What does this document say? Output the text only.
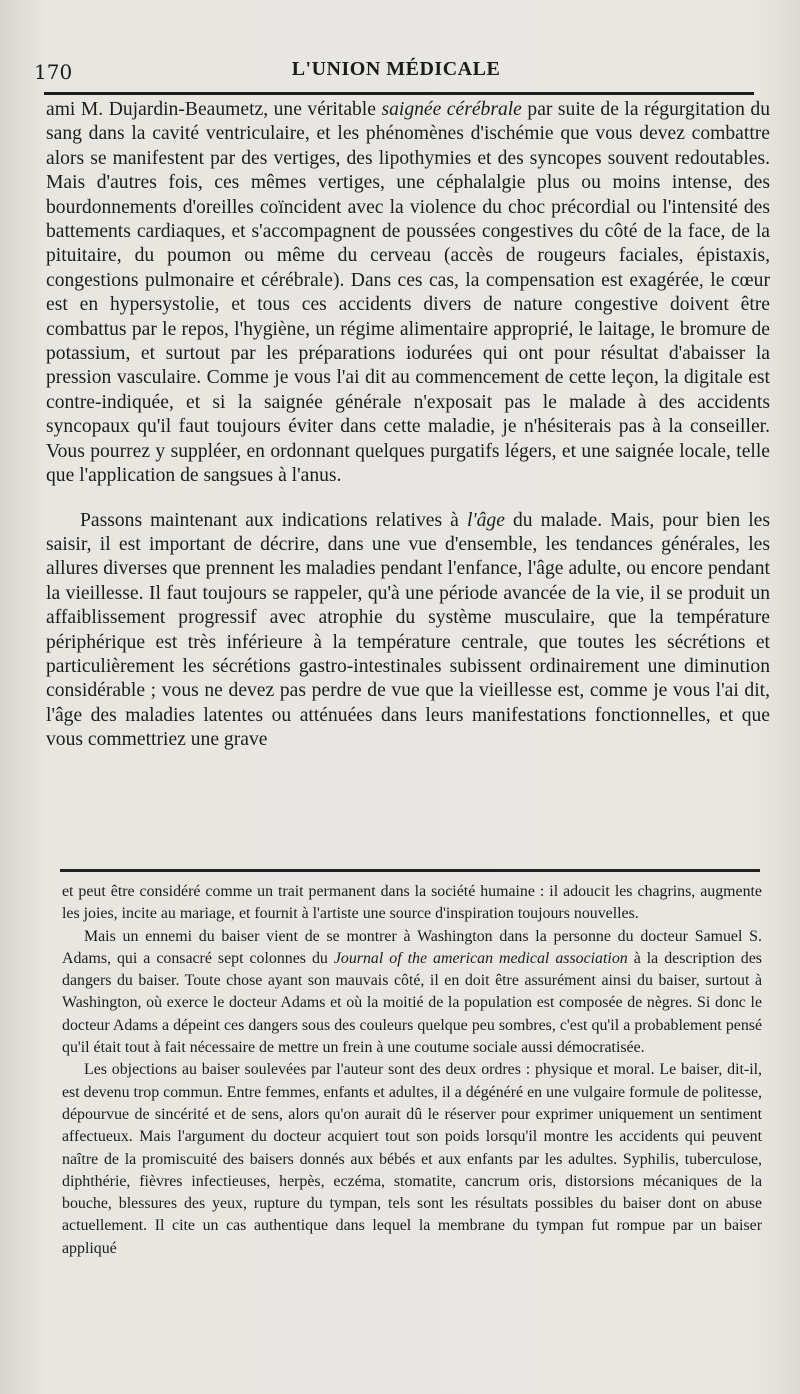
170	L'UNION MÉDICALE

ami M. Dujardin-Beaumetz, une véritable saignée cérébrale par suite de la régurgitation du sang dans la cavité ventriculaire, et les phénomènes d'ischémie que vous devez combattre alors se manifestent par des vertiges, des lipothymies et des syncopes souvent redoutables. Mais d'autres fois, ces mêmes vertiges, une céphalalgie plus ou moins intense, des bourdonnements d'oreilles coïncident avec la violence du choc précordial ou l'intensité des battements cardiaques, et s'accompagnent de poussées congestives du côté de la face, de la pituitaire, du poumon ou même du cerveau (accès de rougeurs faciales, épistaxis, congestions pulmonaire et cérébrale). Dans ces cas, la compensation est exagérée, le cœur est en hypersystolie, et tous ces accidents divers de nature congestive doivent être combattus par le repos, l'hygiène, un régime alimentaire approprié, le laitage, le bromure de potassium, et surtout par les préparations iodurées qui ont pour résultat d'abaisser la pression vasculaire. Comme je vous l'ai dit au commencement de cette leçon, la digitale est contre-indiquée, et si la saignée générale n'exposait pas le malade à des accidents syncopaux qu'il faut toujours éviter dans cette maladie, je n'hésiterais pas à la conseiller. Vous pourrez y suppléer, en ordonnant quelques purgatifs légers, et une saignée locale, telle que l'application de sangsues à l'anus.

Passons maintenant aux indications relatives à l'âge du malade. Mais, pour bien les saisir, il est important de décrire, dans une vue d'ensemble, les tendances générales, les allures diverses que prennent les maladies pendant l'enfance, l'âge adulte, ou encore pendant la vieillesse. Il faut toujours se rappeler, qu'à une période avancée de la vie, il se produit un affaiblissement progressif avec atrophie du système musculaire, que la température périphérique est très inférieure à la température centrale, que toutes les sécrétions et particulièrement les sécrétions gastro-intestinales subissent ordinairement une diminution considérable ; vous ne devez pas perdre de vue que la vieillesse est, comme je vous l'ai dit, l'âge des maladies latentes ou atténuées dans leurs manifestations fonctionnelles, et que vous commettriez une grave

et peut être considéré comme un trait permanent dans la société humaine : il adoucit les chagrins, augmente les joies, incite au mariage, et fournit à l'artiste une source d'inspiration toujours nouvelles.

Mais un ennemi du baiser vient de se montrer à Washington dans la personne du docteur Samuel S. Adams, qui a consacré sept colonnes du Journal of the american medical association à la description des dangers du baiser. Toute chose ayant son mauvais côté, il en doit être assurément ainsi du baiser, surtout à Washington, où exerce le docteur Adams et où la moitié de la population est composée de nègres. Si donc le docteur Adams a dépeint ces dangers sous des couleurs quelque peu sombres, c'est qu'il a probablement pensé qu'il était tout à fait nécessaire de mettre un frein à une coutume sociale aussi démocratisée.

Les objections au baiser soulevées par l'auteur sont des deux ordres : physique et moral. Le baiser, dit-il, est devenu trop commun. Entre femmes, enfants et adultes, il a dégénéré en une vulgaire formule de politesse, dépourvue de sincérité et de sens, alors qu'on aurait dû le réserver pour exprimer uniquement un sentiment affectueux. Mais l'argument du docteur acquiert tout son poids lorsqu'il montre les accidents qui peuvent naître de la promiscuité des baisers donnés aux bébés et aux enfants par les adultes. Syphilis, tuberculose, diphthérie, fièvres infectieuses, herpès, eczéma, stomatite, cancrum oris, distorsions mécaniques de la bouche, blessures des yeux, rupture du tympan, tels sont les résultats possibles du baiser dont on abuse actuellement. Il cite un cas authentique dans lequel la membrane du tympan fut rompue par un baiser appliqué
